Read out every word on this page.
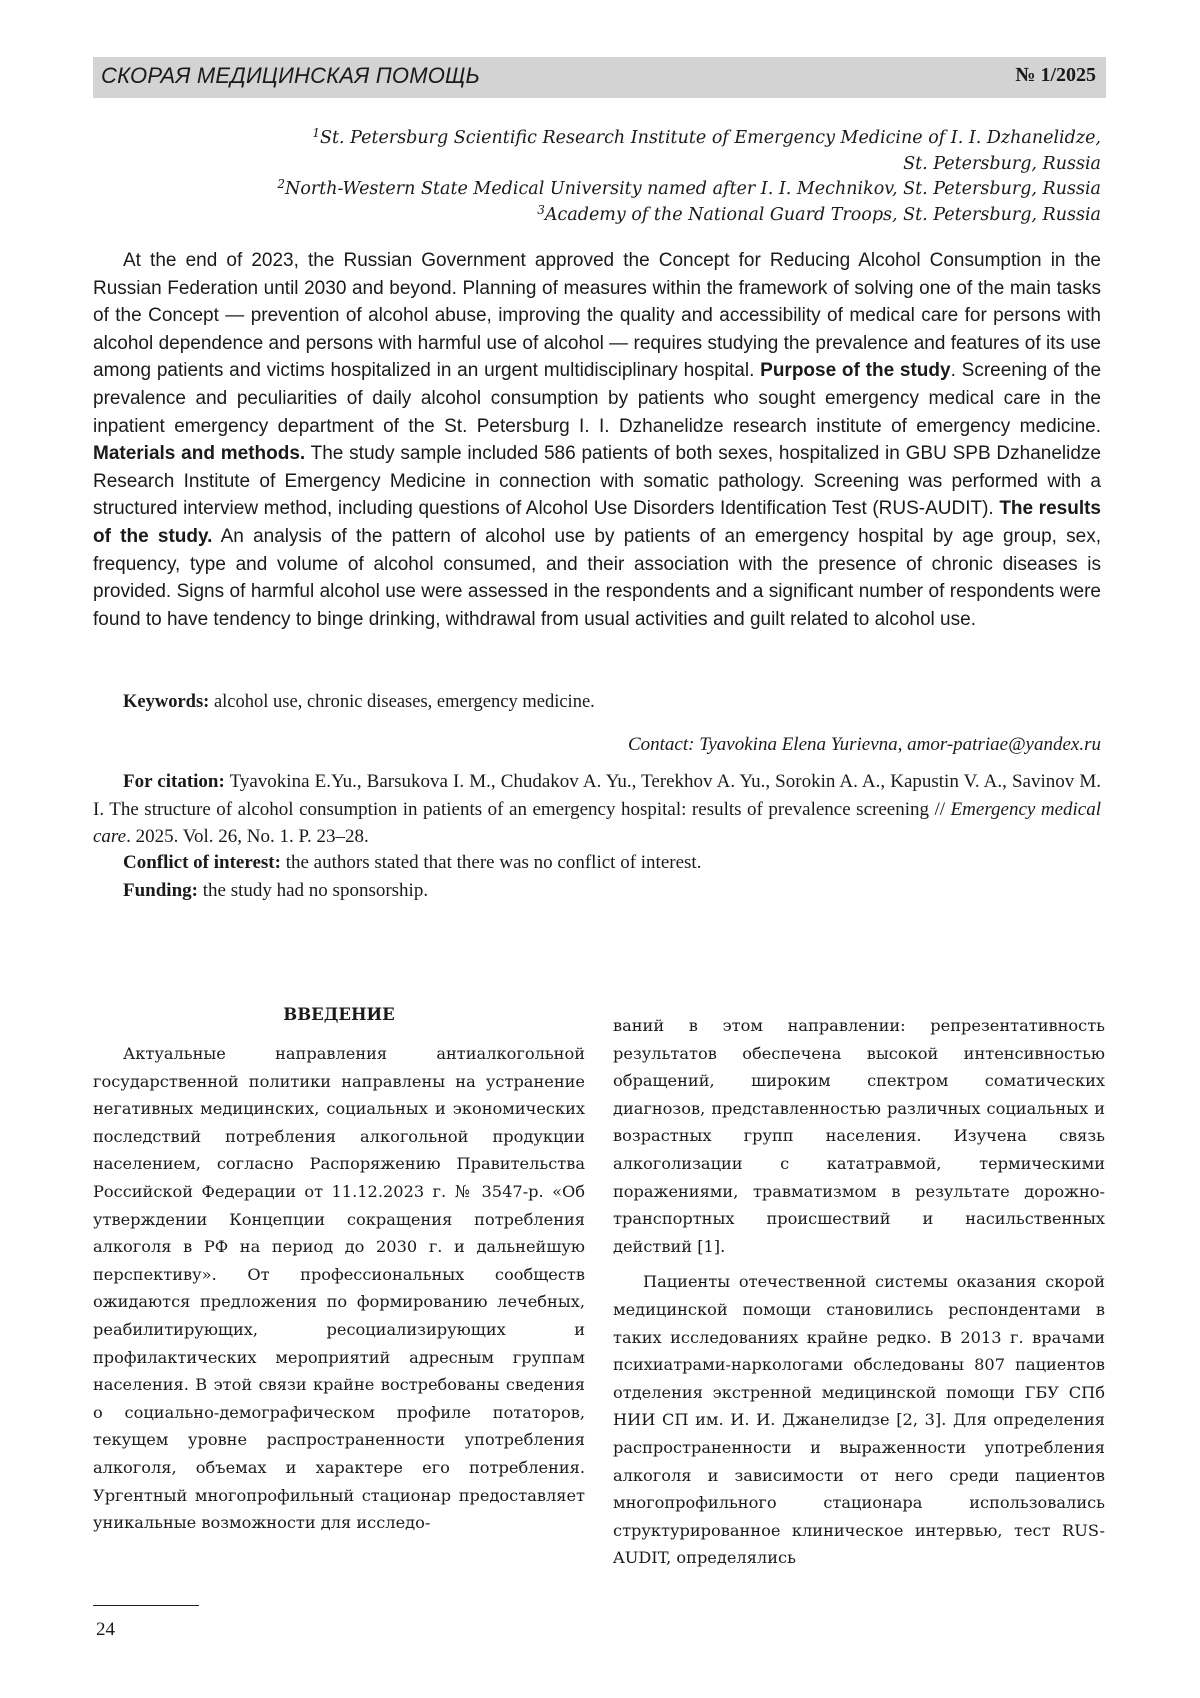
СКОРАЯ МЕДИЦИНСКАЯ ПОМОЩЬ	№ 1/2025
$^1$St. Petersburg Scientific Research Institute of Emergency Medicine of I. I. Dzhanelidze,
St. Petersburg, Russia
$^2$North-Western State Medical University named after I. I. Mechnikov, St. Petersburg, Russia
$^3$Academy of the National Guard Troops, St. Petersburg, Russia

At the end of 2023, the Russian Government approved the Concept for Reducing Alcohol Consumption in the Russian Federation until 2030 and beyond. Planning of measures within the framework of solving one of the main tasks of the Concept — prevention of alcohol abuse, improving the quality and accessibility of medical care for persons with alcohol dependence and persons with harmful use of alcohol — requires studying the prevalence and features of its use among patients and victims hospitalized in an urgent multidisciplinary hospital. Purpose of the study. Screening of the prevalence and peculiarities of daily alcohol consumption by patients who sought emergency medical care in the inpatient emergency department of the St. Petersburg I. I. Dzhanelidze research institute of emergency medicine. Materials and methods. The study sample included 586 patients of both sexes, hospitalized in GBU SPB Dzhanelidze Research Institute of Emergency Medicine in connection with somatic pathology. Screening was performed with a structured interview method, including questions of Alcohol Use Disorders Identification Test (RUS-AUDIT). The results of the study. An analysis of the pattern of alcohol use by patients of an emergency hospital by age group, sex, frequency, type and volume of alcohol consumed, and their association with the presence of chronic diseases is provided. Signs of harmful alcohol use were assessed in the respondents and a significant number of respondents were found to have tendency to binge drinking, withdrawal from usual activities and guilt related to alcohol use.

Keywords: alcohol use, chronic diseases, emergency medicine.

Contact: Tyavokina Elena Yurievna, amor-patriae@yandex.ru

For citation: Tyavokina E.Yu., Barsukova I. M., Chudakov A. Yu., Terekhov A. Yu., Sorokin A. A., Kapustin V. A., Savinov M. I. The structure of alcohol consumption in patients of an emergency hospital: results of prevalence screening // Emergency medical care. 2025. Vol. 26, No. 1. P. 23–28.

Conflict of interest: the authors stated that there was no conflict of interest.

Funding: the study had no sponsorship.

ВВЕДЕНИЕ

Актуальные направления антиалкогольной государственной политики направлены на устранение негативных медицинских, социальных и экономических последствий потребления алкогольной продукции населением, согласно Распоряжению Правительства Российской Федерации от 11.12.2023 г. № 3547-р. «Об утверждении Концепции сокращения потребления алкоголя в РФ на период до 2030 г. и дальнейшую перспективу». От профессиональных сообществ ожидаются предложения по формированию лечебных, реабилитирующих, ресоциализирующих и профилактических мероприятий адресным группам населения. В этой связи крайне востребованы сведения о социально-демографическом профиле потаторов, текущем уровне распространенности употребления алкоголя, объемах и характере его потребления. Ургентный многопрофильный стационар предоставляет уникальные возможности для исследо-

ваний в этом направлении: репрезентативность результатов обеспечена высокой интенсивностью обращений, широким спектром соматических диагнозов, представленностью различных социальных и возрастных групп населения. Изучена связь алкоголизации с кататравмой, термическими поражениями, травматизмом в результате дорожно-транспортных происшествий и насильственных действий [1].

Пациенты отечественной системы оказания скорой медицинской помощи становились респондентами в таких исследованиях крайне редко. В 2013 г. врачами психиатрами-наркологами обследованы 807 пациентов отделения экстренной медицинской помощи ГБУ СПб НИИ СП им. И. И. Джанелидзе [2, 3]. Для определения распространенности и выраженности употребления алкоголя и зависимости от него среди пациентов многопрофильного стационара использовались структурированное клиническое интервью, тест RUS-AUDIT, определялись

24
